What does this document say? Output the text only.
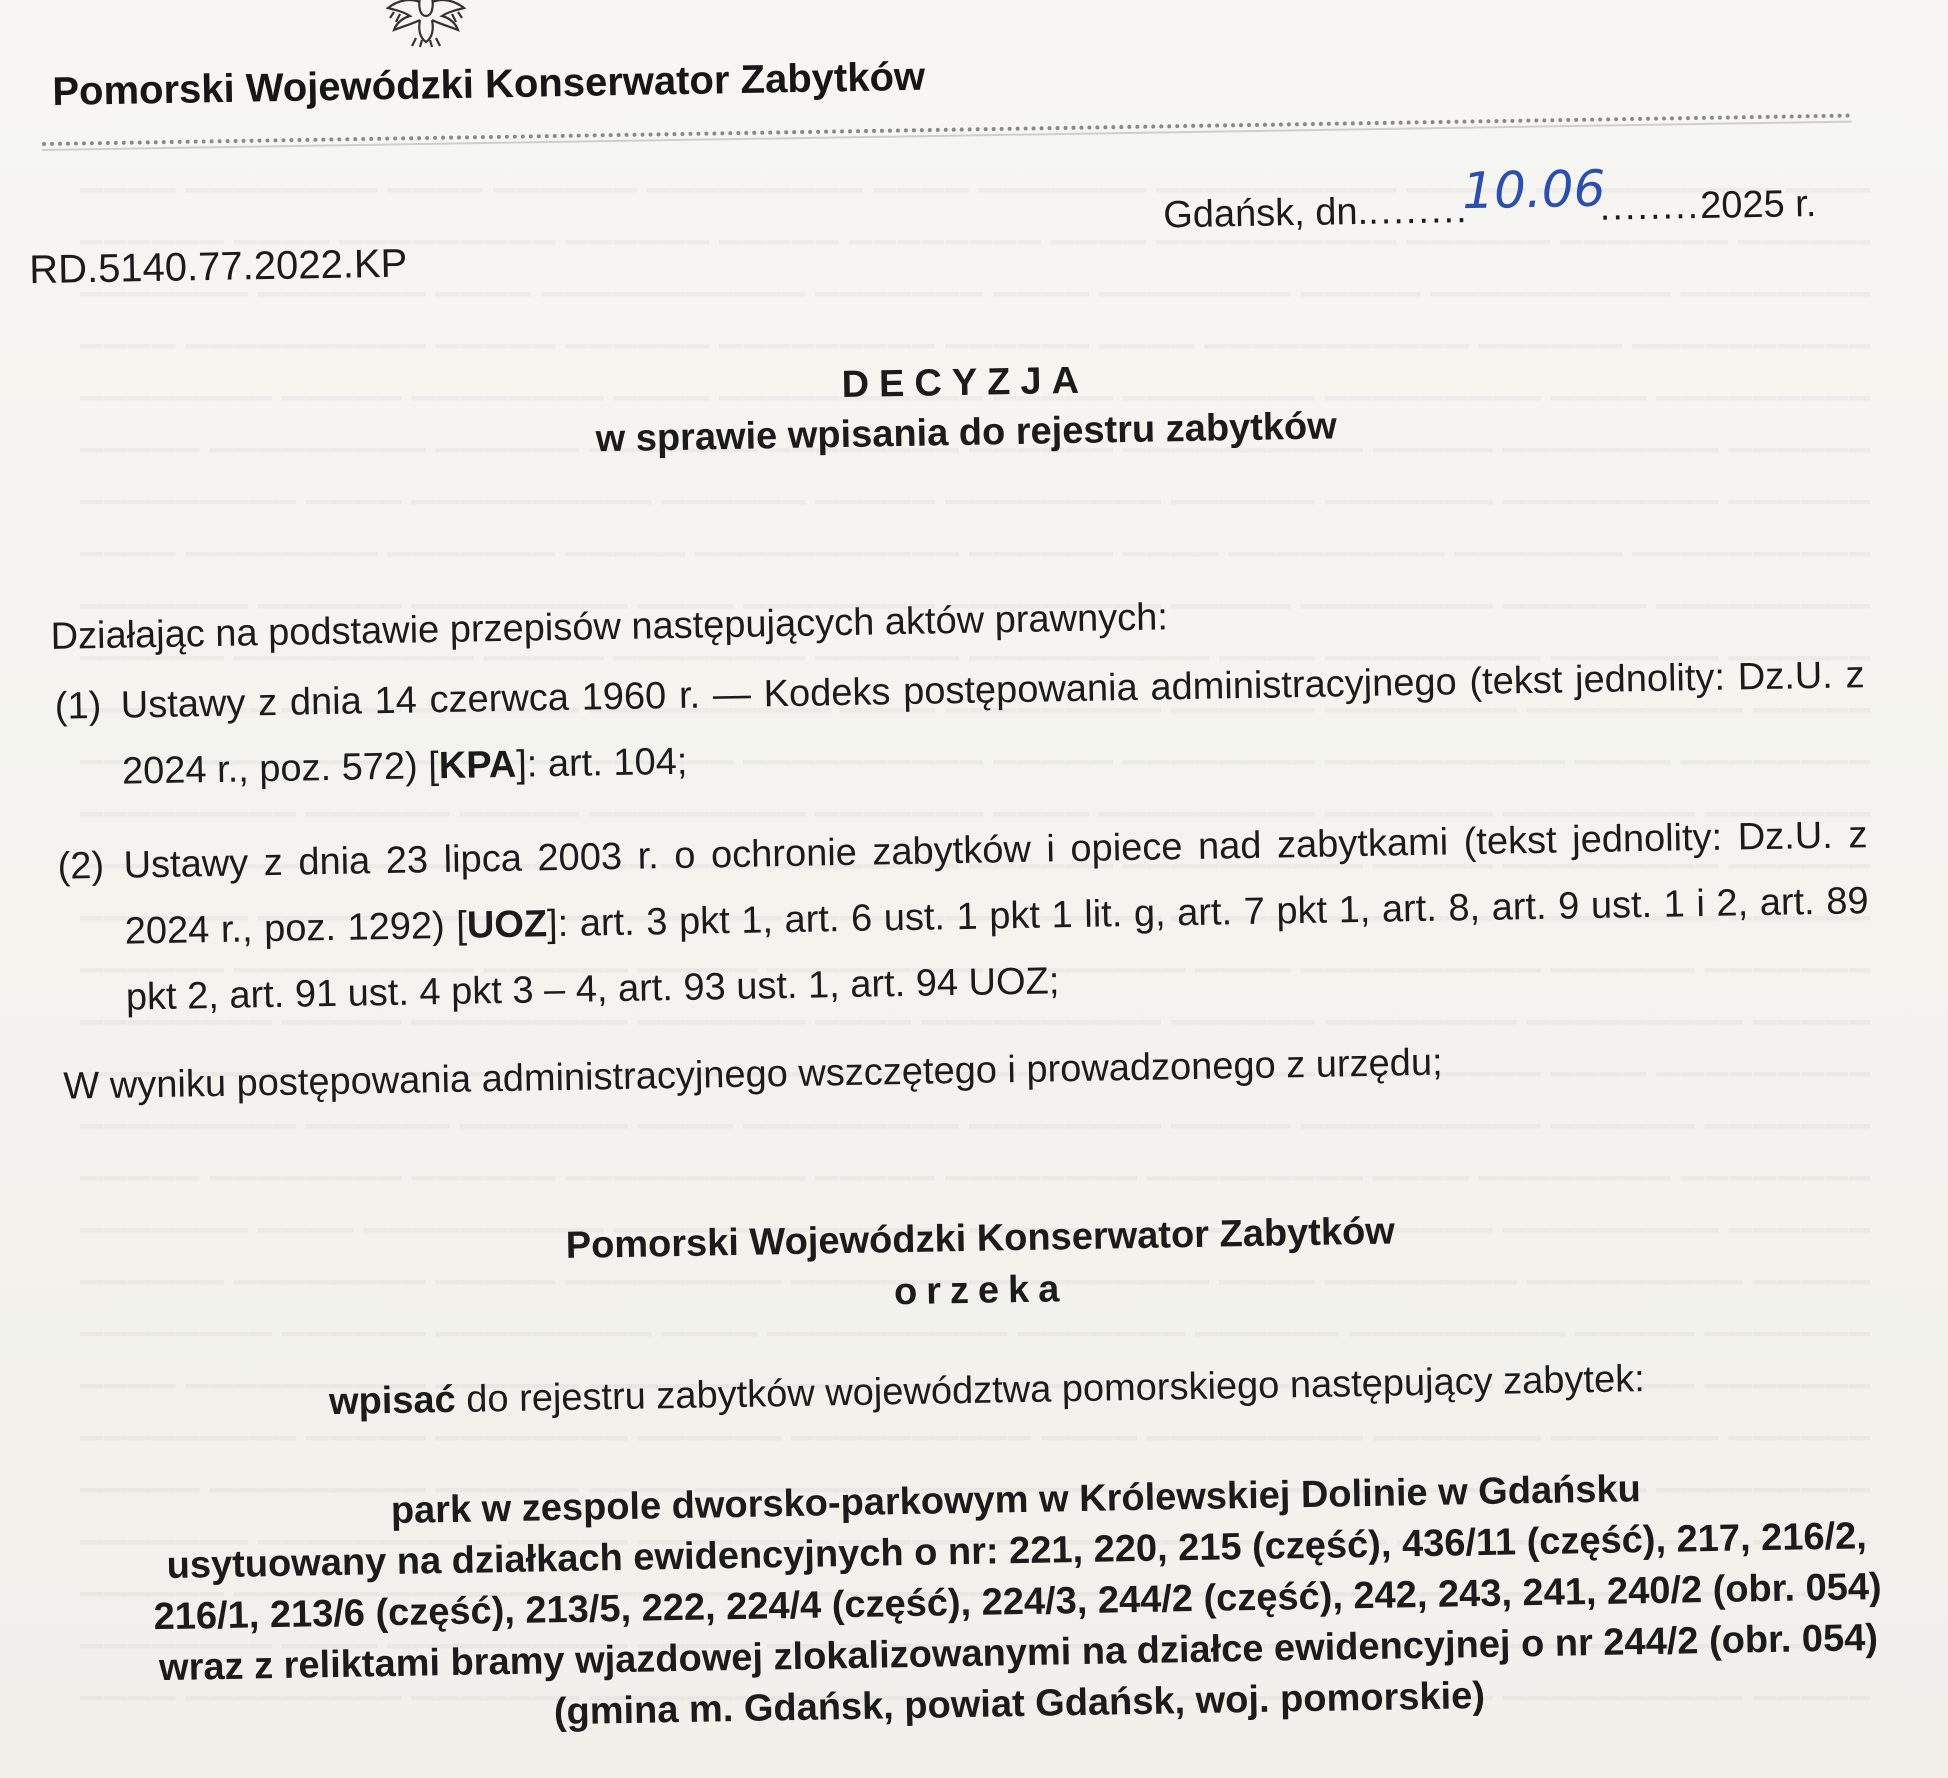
Pomorski Wojewódzki Konserwator Zabytków
Gdańsk, dn.........10.06........2025 r.
RD.5140.77.2022.KP
DECYZJA
w sprawie wpisania do rejestru zabytków
Działając na podstawie przepisów następujących aktów prawnych:
(1) Ustawy z dnia 14 czerwca 1960 r. — Kodeks postępowania administracyjnego (tekst jednolity: Dz.U. z 2024 r., poz. 572) [KPA]: art. 104;
(2) Ustawy z dnia 23 lipca 2003 r. o ochronie zabytków i opiece nad zabytkami (tekst jednolity: Dz.U. z 2024 r., poz. 1292) [UOZ]: art. 3 pkt 1, art. 6 ust. 1 pkt 1 lit. g, art. 7 pkt 1, art. 8, art. 9 ust. 1 i 2, art. 89 pkt 2, art. 91 ust. 4 pkt 3 – 4, art. 93 ust. 1, art. 94 UOZ;
W wyniku postępowania administracyjnego wszczętego i prowadzonego z urzędu;
Pomorski Wojewódzki Konserwator Zabytków
orzeka
wpisać do rejestru zabytków województwa pomorskiego następujący zabytek:
park w zespole dworsko-parkowym w Królewskiej Dolinie w Gdańsku
usytuowany na działkach ewidencyjnych o nr: 221, 220, 215 (część), 436/11 (część), 217, 216/2,
216/1, 213/6 (część), 213/5, 222, 224/4 (część), 224/3, 244/2 (część), 242, 243, 241, 240/2 (obr. 054)
wraz z reliktami bramy wjazdowej zlokalizowanymi na działce ewidencyjnej o nr 244/2 (obr. 054)
(gmina m. Gdańsk, powiat Gdańsk, woj. pomorskie)
